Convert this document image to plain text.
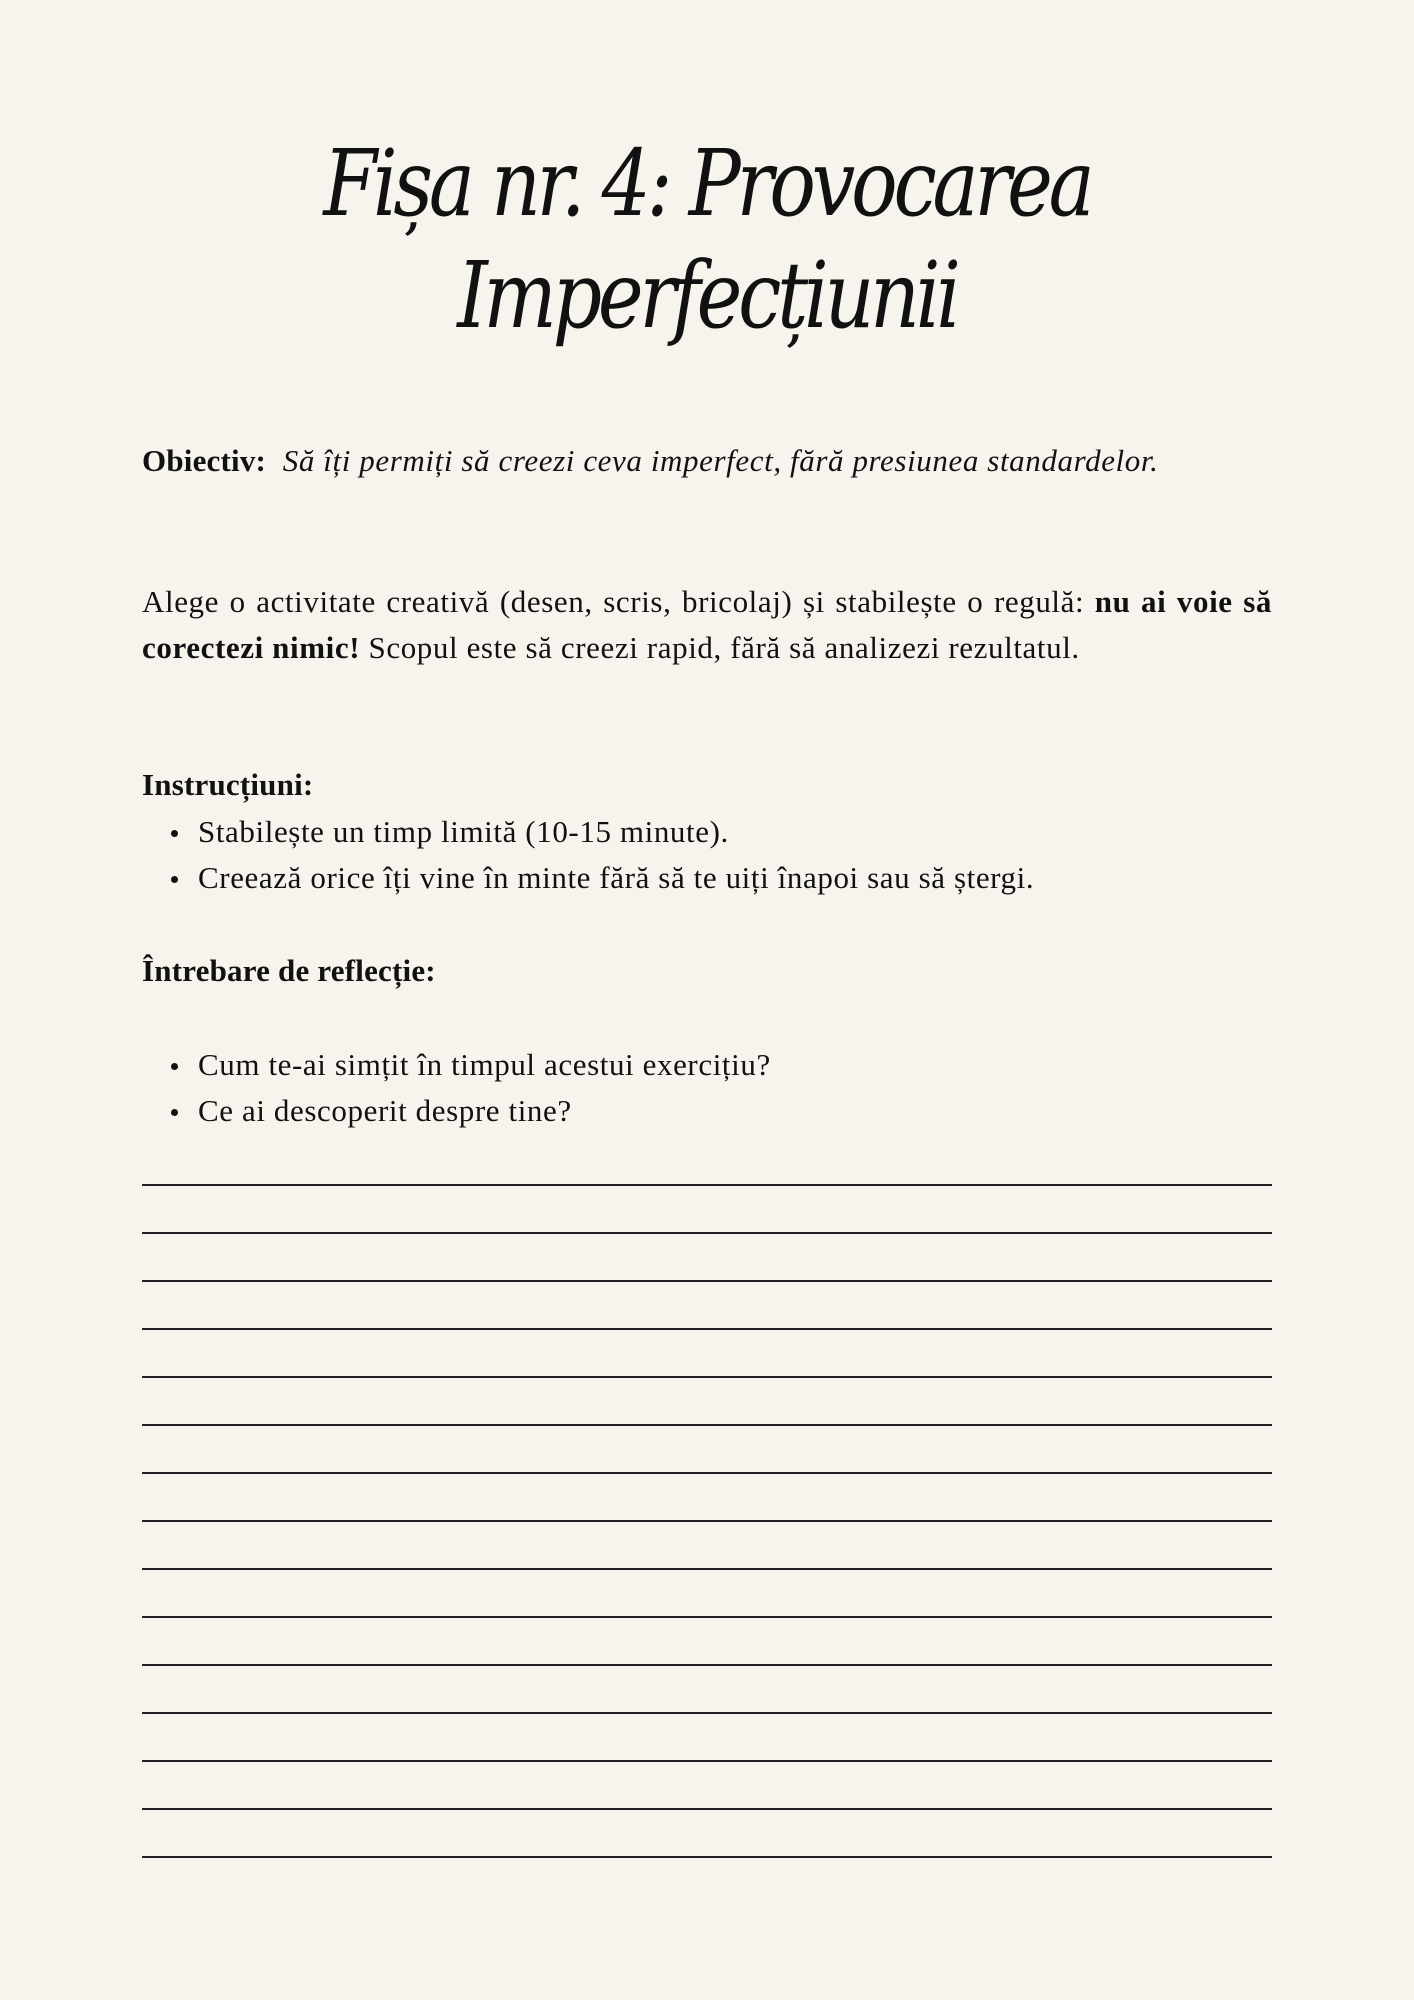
Fișa nr. 4: Provocarea
Imperfecțiunii

Obiectiv: Să îți permiți să creezi ceva imperfect, fără presiunea standardelor.

Alege o activitate creativă (desen, scris, bricolaj) și stabilește o regulă: nu ai voie să corectezi nimic! Scopul este să creezi rapid, fără să analizezi rezultatul.

Instrucțiuni:

Stabilește un timp limită (10-15 minute).
Creează orice îți vine în minte fără să te uiți înapoi sau să ștergi.

Întrebare de reflecție:

Cum te-ai simțit în timpul acestui exercițiu?
Ce ai descoperit despre tine?
